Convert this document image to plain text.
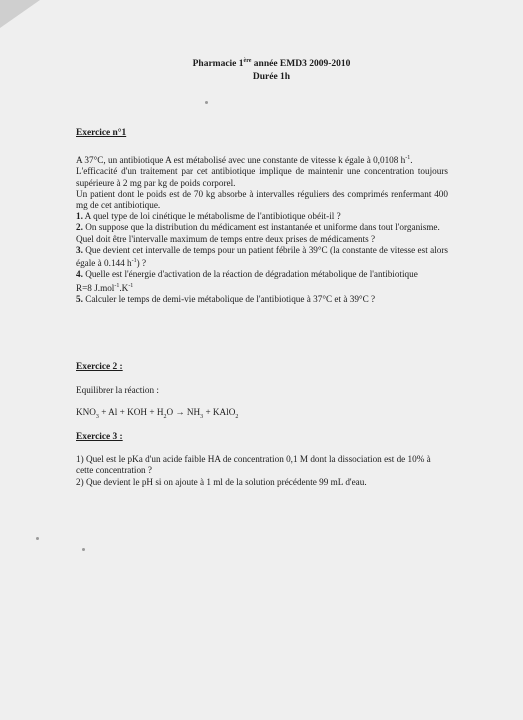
Pharmacie 1ère année EMD3 2009-2010
Durée 1h
Exercice n°1
A 37°C, un antibiotique A est métabolisé avec une constante de vitesse k égale à 0,0108 $h^{-1}$.
L'efficacité d'un traitement par cet antibiotique implique de maintenir une concentration toujours supérieure à 2 mg par kg de poids corporel.
Un patient dont le poids est de 70 kg absorbe à intervalles réguliers des comprimés renfermant 400 mg de cet antibiotique.
1. A quel type de loi cinétique le métabolisme de l'antibiotique obéit-il ?
2. On suppose que la distribution du médicament est instantanée et uniforme dans tout l'organisme.
Quel doit être l'intervalle maximum de temps entre deux prises de médicaments ?
3. Que devient cet intervalle de temps pour un patient fébrile à 39°C (la constante de vitesse est alors égale à 0.144 $h^{-1}$) ?
4. Quelle est l'énergie d'activation de la réaction de dégradation métabolique de l'antibiotique
R=8 $J.mol^{-1}.K^{-1}$
5. Calculer le temps de demi-vie métabolique de l'antibiotique à 37°C et à 39°C ?
Exercice 2 :
Equilibrer la réaction :
$KNO_3 + Al$ + KOH + $H_2O \to NH_3$ + KAlO$_2$
Exercice 3 :
1) Quel est le pKa d'un acide faible HA de concentration 0,1 M dont la dissociation est de 10% à cette concentration ?
2) Que devient le pH si on ajoute à 1 ml de la solution précédente 99 mL d'eau.
